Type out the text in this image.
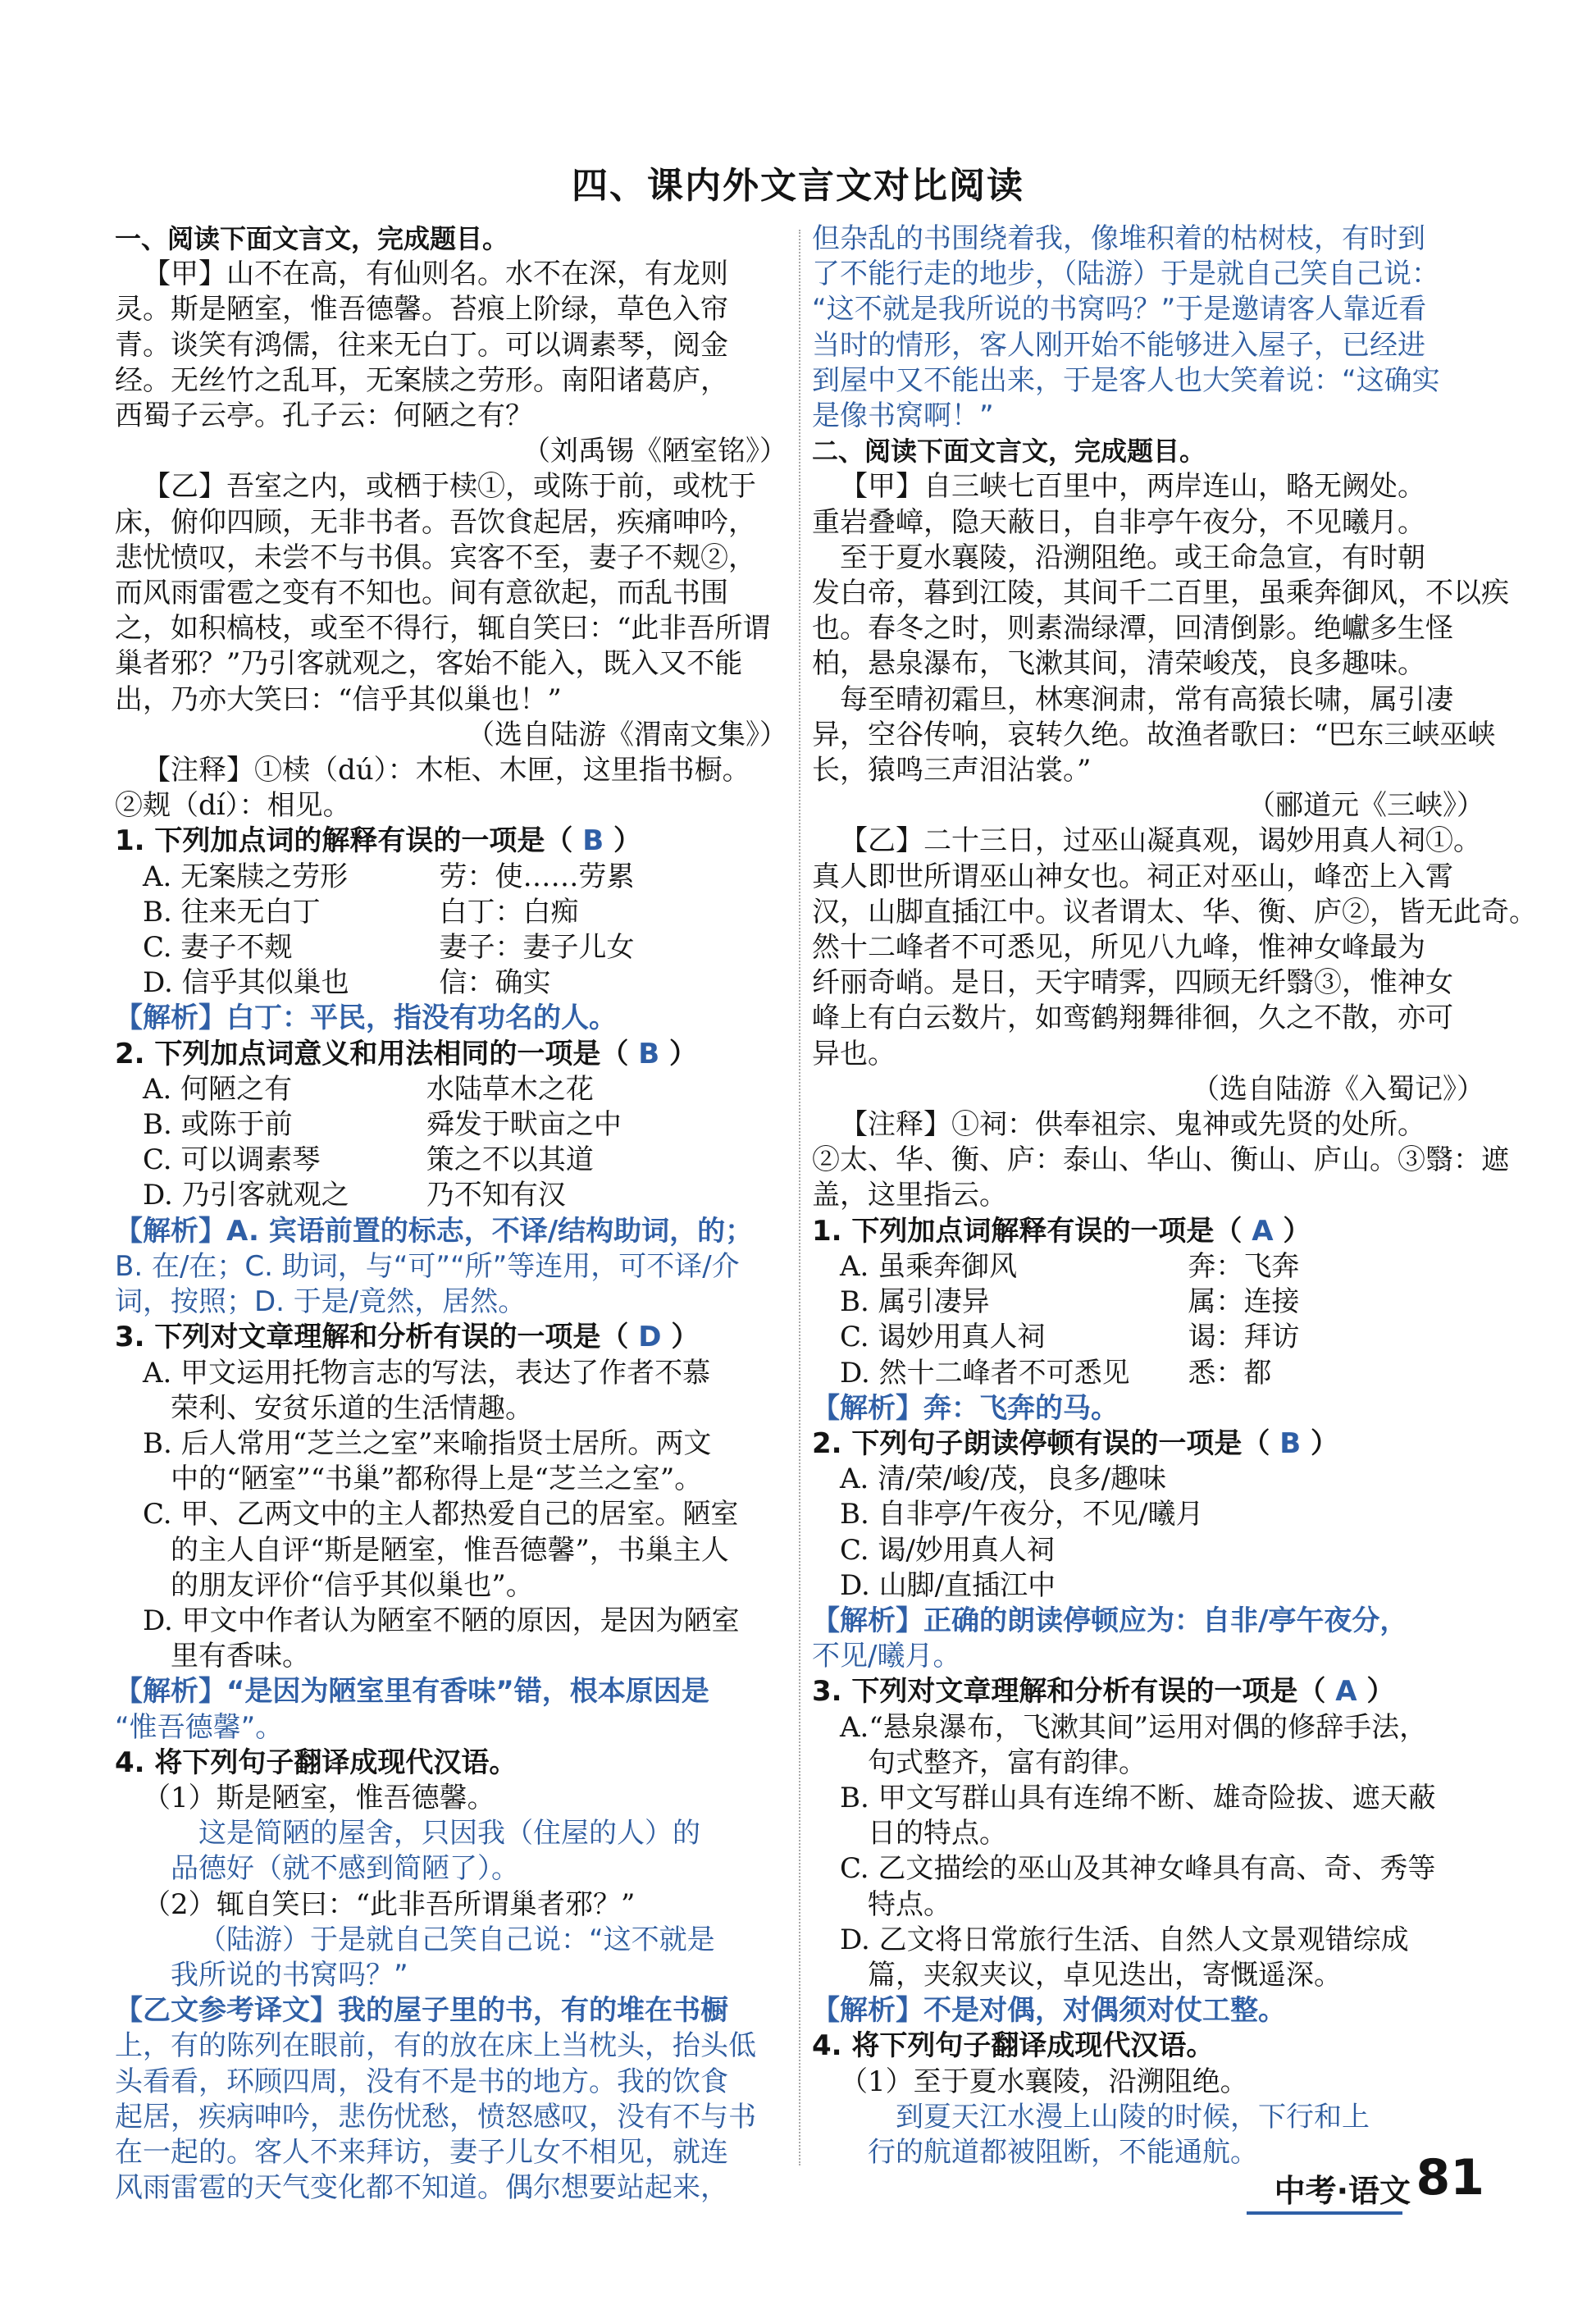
四、课内外文言文对比阅读
一、阅读下面文言文，完成题目。
【甲】山不在高，有仙则名。水不在深，有龙则
灵。斯是陋室，惟吾德馨。苔痕上阶绿，草色入帘
青。谈笑有鸿儒，往来无白丁。可以调素琴，阅金
经。无丝竹之乱耳，无案牍之劳形。南阳诸葛庐，
西蜀子云亭。孔子云：何陋之有？
（刘禹锡《陋室铭》）
【乙】吾室之内，或栖于椟①，或陈于前，或枕于
床，俯仰四顾，无非书者。吾饮食起居，疾痛呻吟，
悲忧愤叹，未尝不与书俱。宾客不至，妻子不觌②，
而风雨雷雹之变有不知也。间有意欲起，而乱书围
之，如积槁枝，或至不得行，辄自笑曰：“此非吾所谓
巢者邪？”乃引客就观之，客始不能入，既入又不能
出，乃亦大笑曰：“信乎其似巢也！”
（选自陆游《渭南文集》）
【注释】①椟（dú）：木柜、木匣，这里指书橱。
②觌（dí）：相见。
1. 下列加点词的解释有误的一项是（ B ）
A. 无案牍之劳形	劳：使……劳累
B. 往来无白丁	白丁：白痴
C. 妻子不觌	妻子：妻子儿女
D. 信乎其似巢也	信：确实
【解析】白丁：平民，指没有功名的人。
2. 下列加点词意义和用法相同的一项是（ B ）
A. 何陋之有	水陆草木之花
B. 或陈于前	舜发于畎亩之中
C. 可以调素琴	策之不以其道
D. 乃引客就观之	乃不知有汉
【解析】A. 宾语前置的标志，不译/结构助词，的；
B. 在/在；C. 助词，与“可”“所”等连用，可不译/介
词，按照；D. 于是/竟然，居然。
3. 下列对文章理解和分析有误的一项是（ D ）
A. 甲文运用托物言志的写法，表达了作者不慕
荣利、安贫乐道的生活情趣。
B. 后人常用“芝兰之室”来喻指贤士居所。两文
中的“陋室”“书巢”都称得上是“芝兰之室”。
C. 甲、乙两文中的主人都热爱自己的居室。陋室
的主人自评“斯是陋室，惟吾德馨”，书巢主人
的朋友评价“信乎其似巢也”。
D. 甲文中作者认为陋室不陋的原因，是因为陋室
里有香味。
【解析】“是因为陋室里有香味”错，根本原因是
“惟吾德馨”。
4. 将下列句子翻译成现代汉语。
（1）斯是陋室，惟吾德馨。
这是简陋的屋舍，只因我（住屋的人）的
品德好（就不感到简陋了）。
（2）辄自笑曰：“此非吾所谓巢者邪？”
（陆游）于是就自己笑自己说：“这不就是
我所说的书窝吗？”
【乙文参考译文】我的屋子里的书，有的堆在书橱
上，有的陈列在眼前，有的放在床上当枕头，抬头低
头看看，环顾四周，没有不是书的地方。我的饮食
起居，疾病呻吟，悲伤忧愁，愤怒感叹，没有不与书
在一起的。客人不来拜访，妻子儿女不相见，就连
风雨雷雹的天气变化都不知道。偶尔想要站起来，
但杂乱的书围绕着我，像堆积着的枯树枝，有时到
了不能行走的地步，（陆游）于是就自己笑自己说：
“这不就是我所说的书窝吗？”于是邀请客人靠近看
当时的情形，客人刚开始不能够进入屋子，已经进
到屋中又不能出来，于是客人也大笑着说：“这确实
是像书窝啊！”
二、阅读下面文言文，完成题目。
【甲】自三峡七百里中，两岸连山，略无阙处。
重岩叠嶂，隐天蔽日，自非亭午夜分，不见曦月。
至于夏水襄陵，沿溯阻绝。或王命急宣，有时朝
发白帝，暮到江陵，其间千二百里，虽乘奔御风，不以疾
也。春冬之时，则素湍绿潭，回清倒影。绝巘多生怪
柏，悬泉瀑布，飞漱其间，清荣峻茂，良多趣味。
每至晴初霜旦，林寒涧肃，常有高猿长啸，属引凄
异，空谷传响，哀转久绝。故渔者歌曰：“巴东三峡巫峡
长，猿鸣三声泪沾裳。”
（郦道元《三峡》）
【乙】二十三日，过巫山凝真观，谒妙用真人祠①。
真人即世所谓巫山神女也。祠正对巫山，峰峦上入霄
汉，山脚直插江中。议者谓太、华、衡、庐②，皆无此奇。
然十二峰者不可悉见，所见八九峰，惟神女峰最为
纤丽奇峭。是日，天宇晴霁，四顾无纤翳③，惟神女
峰上有白云数片，如鸾鹤翔舞徘徊，久之不散，亦可
异也。
（选自陆游《入蜀记》）
【注释】①祠：供奉祖宗、鬼神或先贤的处所。
②太、华、衡、庐：泰山、华山、衡山、庐山。③翳：遮
盖，这里指云。
1. 下列加点词解释有误的一项是（ A ）
A. 虽乘奔御风	奔：飞奔
B. 属引凄异	属：连接
C. 谒妙用真人祠	谒：拜访
D. 然十二峰者不可悉见	悉：都
【解析】奔：飞奔的马。
2. 下列句子朗读停顿有误的一项是（ B ）
A. 清/荣/峻/茂，良多/趣味
B. 自非亭/午夜分，不见/曦月
C. 谒/妙用真人祠
D. 山脚/直插江中
【解析】正确的朗读停顿应为：自非/亭午夜分，
不见/曦月。
3. 下列对文章理解和分析有误的一项是（ A ）
A.“悬泉瀑布，飞漱其间”运用对偶的修辞手法，
句式整齐，富有韵律。
B. 甲文写群山具有连绵不断、雄奇险拔、遮天蔽
日的特点。
C. 乙文描绘的巫山及其神女峰具有高、奇、秀等
特点。
D. 乙文将日常旅行生活、自然人文景观错综成
篇，夹叙夹议，卓见迭出，寄慨遥深。
【解析】不是对偶，对偶须对仗工整。
4. 将下列句子翻译成现代汉语。
（1）至于夏水襄陵，沿溯阻绝。
到夏天江水漫上山陵的时候，下行和上
行的航道都被阻断，不能通航。
中考·语文 81
